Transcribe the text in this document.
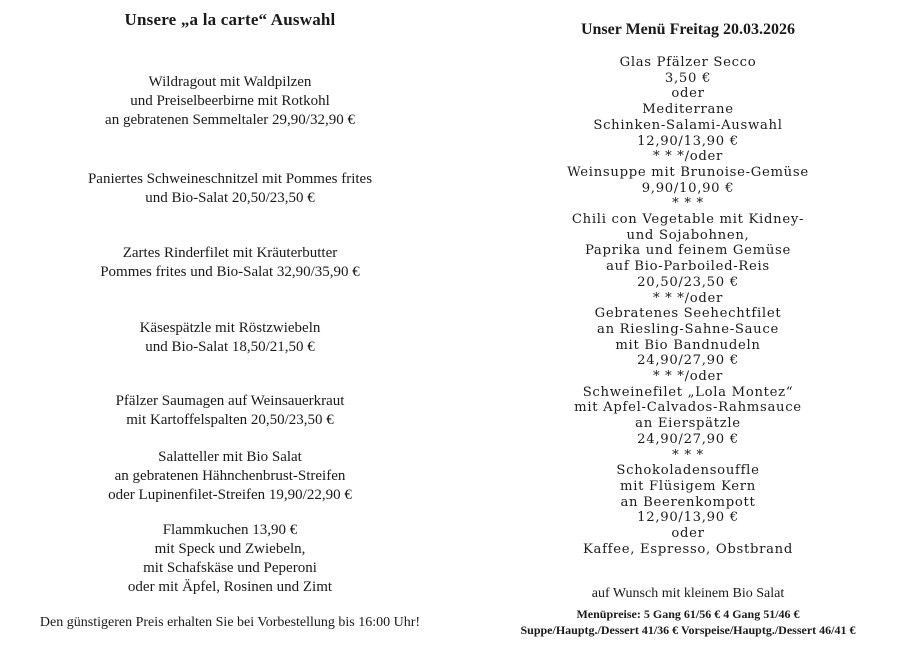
Unsere „a la carte“ Auswahl
Wildragout mit Waldpilzen
und Preiselbeerbirne mit Rotkohl
an gebratenen Semmeltaler 29,90/32,90 €
Paniertes Schweineschnitzel mit Pommes frites
und Bio-Salat 20,50/23,50 €
Zartes Rinderfilet mit Kräuterbutter
Pommes frites und Bio-Salat 32,90/35,90 €
Käsespätzle mit Röstzwiebeln
und Bio-Salat 18,50/21,50 €
Pfälzer Saumagen auf Weinsauerkraut
mit Kartoffelspalten 20,50/23,50 €
Salatteller mit Bio Salat
an gebratenen Hähnchenbrust-Streifen
oder Lupinenfilet-Streifen 19,90/22,90 €
Flammkuchen 13,90 €
mit Speck und Zwiebeln,
mit Schafskäse und Peperoni
oder mit Äpfel, Rosinen und Zimt
Den günstigeren Preis erhalten Sie bei Vorbestellung bis 16:00 Uhr!
Unser Menü Freitag 20.03.2026
Glas Pfälzer Secco
3,50 €
oder
Mediterrane
Schinken-Salami-Auswahl
12,90/13,90 €
* * */oder
Weinsuppe mit Brunoise-Gemüse
9,90/10,90 €
* * *
Chili con Vegetable mit Kidney-
und Sojabohnen,
Paprika und feinem Gemüse
auf Bio-Parboiled-Reis
20,50/23,50 €
* * */oder
Gebratenes Seehechtfilet
an Riesling-Sahne-Sauce
mit Bio Bandnudeln
24,90/27,90 €
* * */oder
Schweinefilet „Lola Montez“
mit Apfel-Calvados-Rahmsauce
an Eierspätzle
24,90/27,90 €
* * *
Schokoladensouffle
mit Flüsigem Kern
an Beerenkompott
12,90/13,90 €
oder
Kaffee, Espresso, Obstbrand
auf Wunsch mit kleinem Bio Salat
Menüpreise: 5 Gang 61/56 € 4 Gang 51/46 €
Suppe/Hauptg./Dessert 41/36 € Vorspeise/Hauptg./Dessert 46/41 €
